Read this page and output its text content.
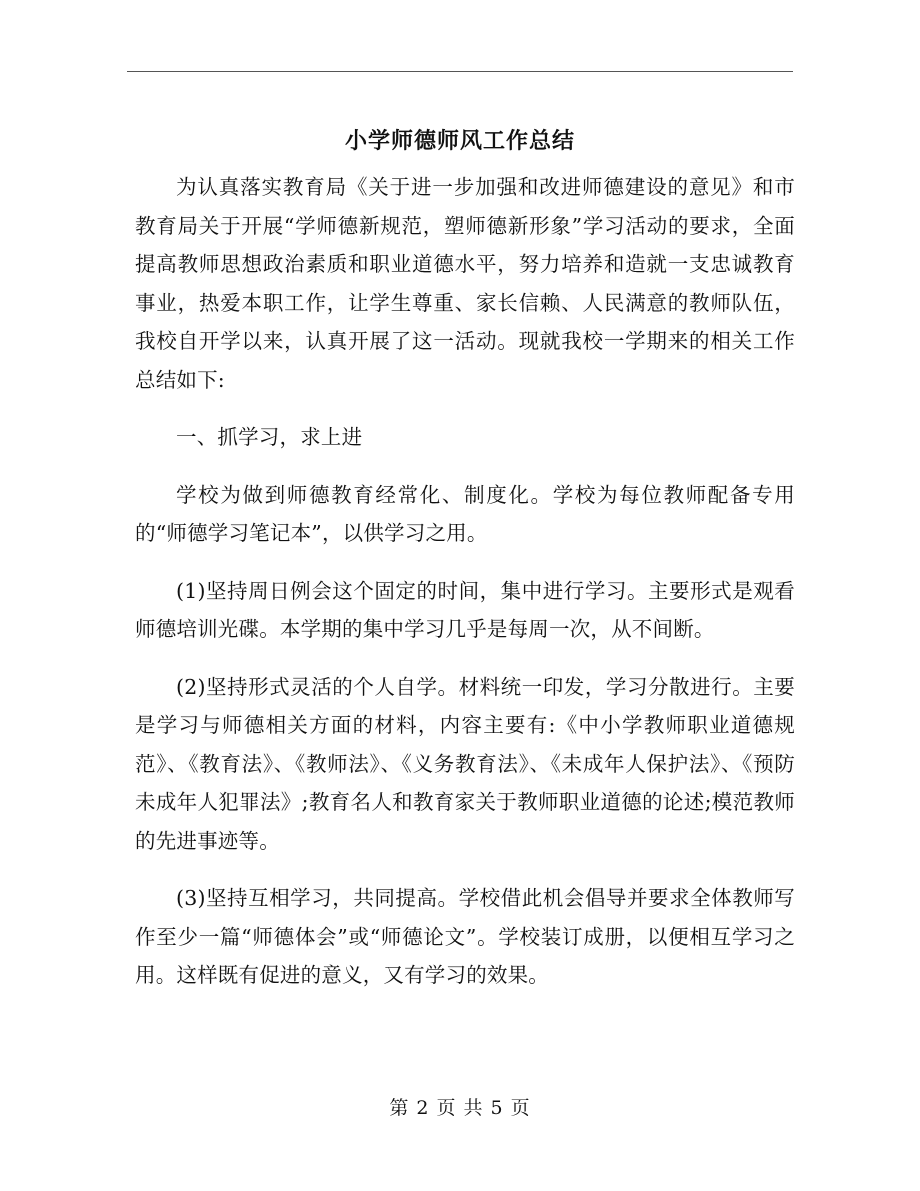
小学师德师风工作总结

为认真落实教育局《关于进一步加强和改进师德建设的意见》和市教育局关于开展“学师德新规范，塑师德新形象”学习活动的要求，全面提高教师思想政治素质和职业道德水平，努力培养和造就一支忠诚教育事业，热爱本职工作，让学生尊重、家长信赖、人民满意的教师队伍，我校自开学以来，认真开展了这一活动。现就我校一学期来的相关工作总结如下:

一、抓学习，求上进

学校为做到师德教育经常化、制度化。学校为每位教师配备专用的“师德学习笔记本”，以供学习之用。

(1)坚持周日例会这个固定的时间，集中进行学习。主要形式是观看师德培训光碟。本学期的集中学习几乎是每周一次，从不间断。

(2)坚持形式灵活的个人自学。材料统一印发，学习分散进行。主要是学习与师德相关方面的材料，内容主要有:《中小学教师职业道德规范》、《教育法》、《教师法》、《义务教育法》、《未成年人保护法》、《预防未成年人犯罪法》;教育名人和教育家关于教师职业道德的论述;模范教师的先进事迹等。

(3)坚持互相学习，共同提高。学校借此机会倡导并要求全体教师写作至少一篇“师德体会”或“师德论文”。学校装订成册，以便相互学习之用。这样既有促进的意义，又有学习的效果。

第 2 页 共 5 页
